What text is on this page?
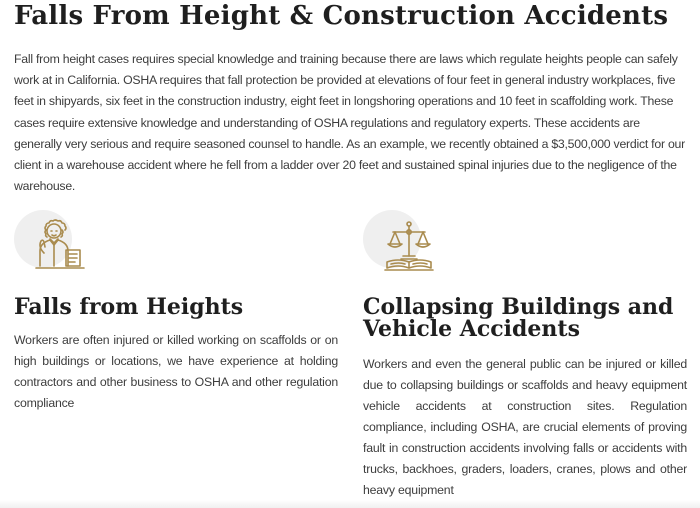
Falls From Height & Construction Accidents

Fall from height cases requires special knowledge and training because there are laws which regulate heights people can safely work at in California. OSHA requires that fall protection be provided at elevations of four feet in general industry workplaces, five feet in shipyards, six feet in the construction industry, eight feet in longshoring operations and 10 feet in scaffolding work. These cases require extensive knowledge and understanding of OSHA regulations and regulatory experts. These accidents are generally very serious and require seasoned counsel to handle. As an example, we recently obtained a $3,500,000 verdict for our client in a warehouse accident where he fell from a ladder over 20 feet and sustained spinal injuries due to the negligence of the warehouse.

Falls from Heights

Workers are often injured or killed working on scaffolds or on high buildings or locations, we have experience at holding contractors and other business to OSHA and other regulation compliance

Collapsing Buildings and Vehicle Accidents

Workers and even the general public can be injured or killed due to collapsing buildings or scaffolds and heavy equipment vehicle accidents at construction sites. Regulation compliance, including OSHA, are crucial elements of proving fault in construction accidents involving falls or accidents with trucks, backhoes, graders, loaders, cranes, plows and other heavy equipment
